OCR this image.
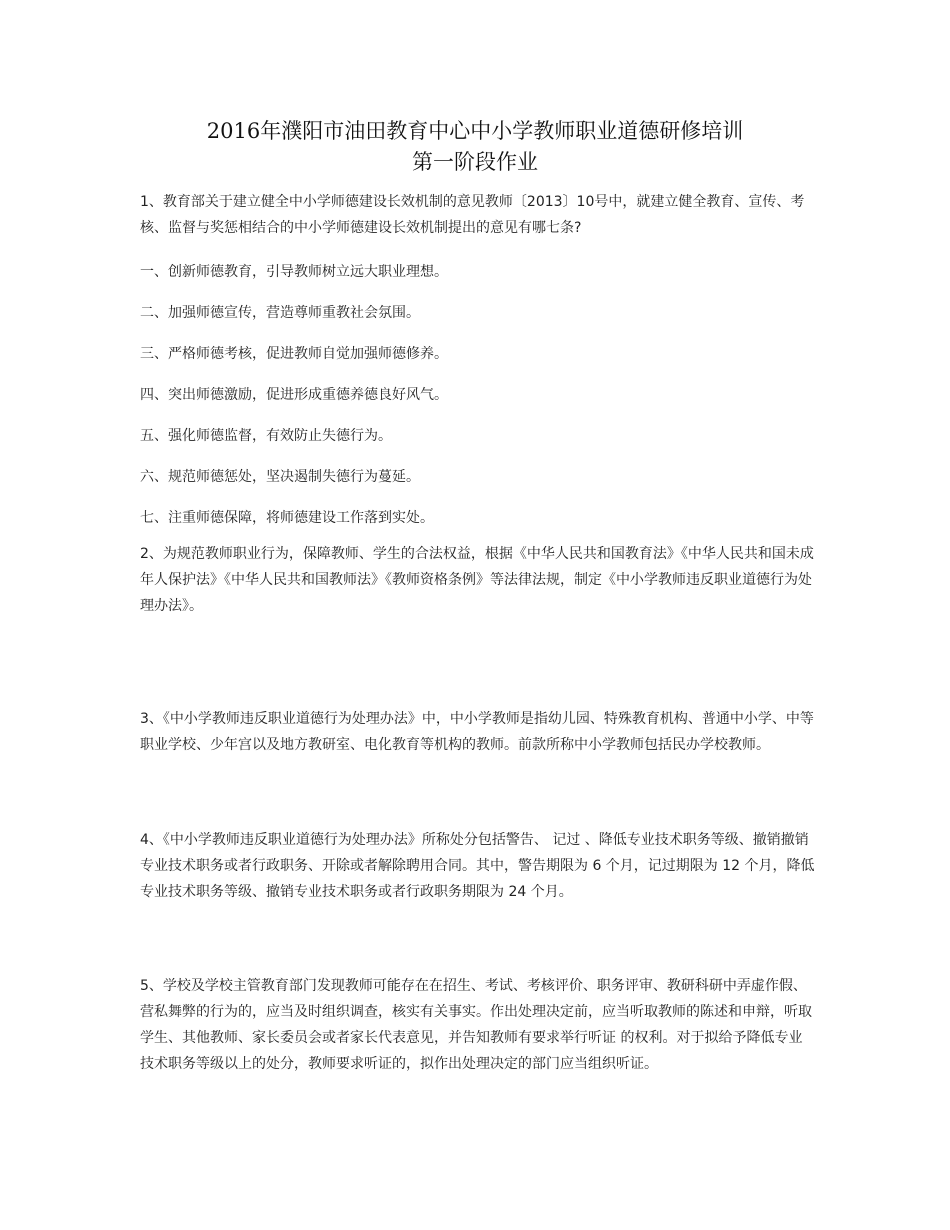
2016年濮阳市油田教育中心中小学教师职业道德研修培训
第一阶段作业

1、教育部关于建立健全中小学师德建设长效机制的意见教师〔2013〕10号中，就建立健全教育、宣传、考核、监督与奖惩相结合的中小学师德建设长效机制提出的意见有哪七条?

一、创新师德教育，引导教师树立远大职业理想。

二、加强师德宣传，营造尊师重教社会氛围。

三、严格师德考核，促进教师自觉加强师德修养。

四、突出师德激励，促进形成重德养德良好风气。

五、强化师德监督，有效防止失德行为。

六、规范师德惩处，坚决遏制失德行为蔓延。

七、注重师德保障，将师德建设工作落到实处。

2、为规范教师职业行为，保障教师、学生的合法权益，根据《中华人民共和国教育法》《中华人民共和国未成年人保护法》《中华人民共和国教师法》《教师资格条例》等法律法规，制定《中小学教师违反职业道德行为处理办法》。

3、《中小学教师违反职业道德行为处理办法》中，中小学教师是指幼儿园、特殊教育机构、普通中小学、中等职业学校、少年宫以及地方教研室、电化教育等机构的教师。前款所称中小学教师包括民办学校教师。

4、《中小学教师违反职业道德行为处理办法》所称处分包括警告、 记过 、降低专业技术职务等级、撤销撤销专业技术职务或者行政职务、开除或者解除聘用合同。其中，警告期限为 6 个月，记过期限为 12 个月，降低专业技术职务等级、撤销专业技术职务或者行政职务期限为 24 个月。

5、学校及学校主管教育部门发现教师可能存在在招生、考试、考核评价、职务评审、教研科研中弄虚作假、营私舞弊的行为的，应当及时组织调查，核实有关事实。作出处理决定前，应当听取教师的陈述和申辩，听取学生、其他教师、家长委员会或者家长代表意见，并告知教师有要求举行听证 的权利。对于拟给予降低专业技术职务等级以上的处分，教师要求听证的，拟作出处理决定的部门应当组织听证。
